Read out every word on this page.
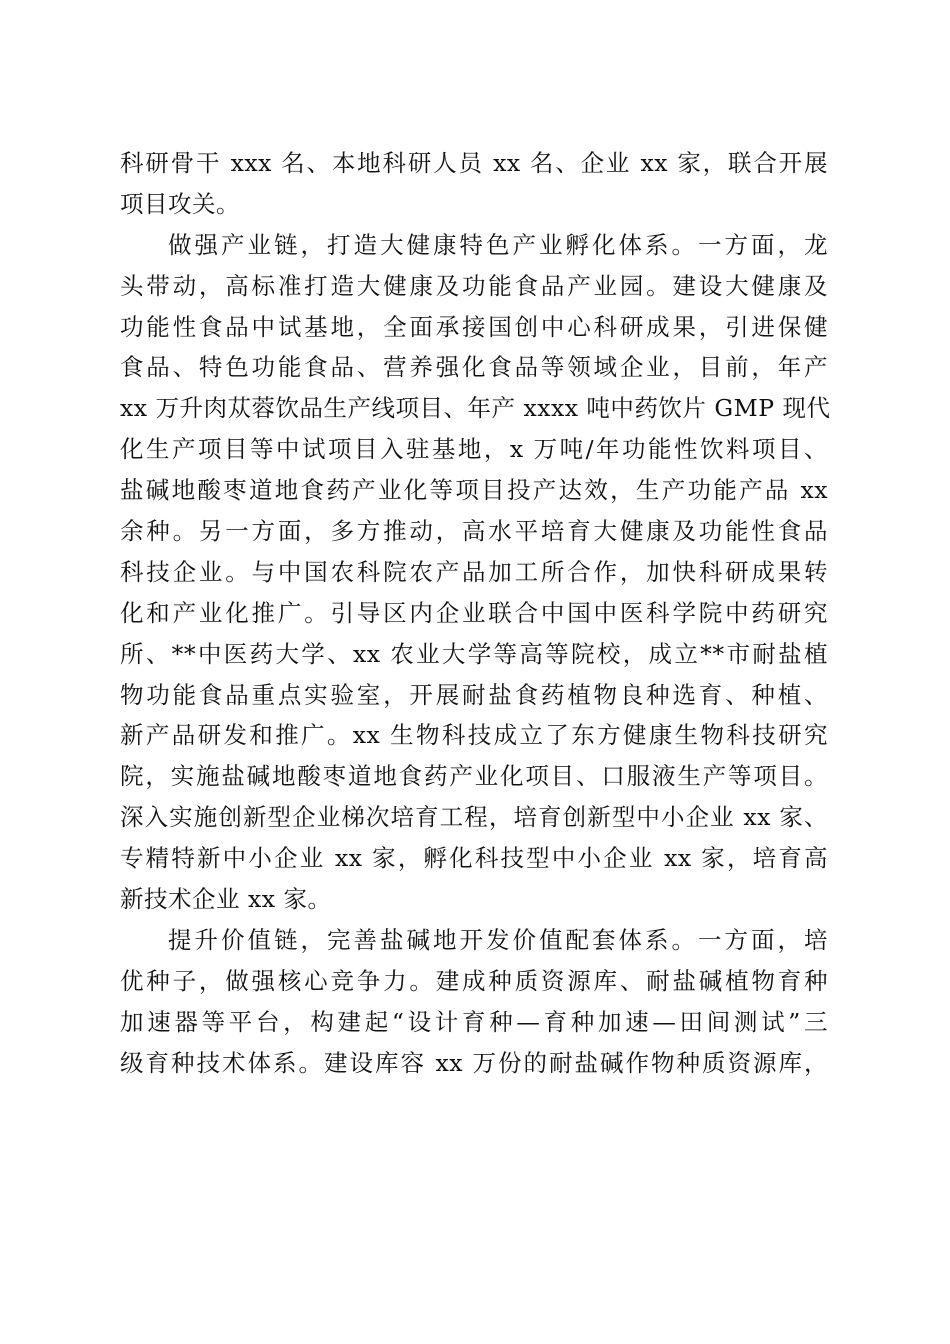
科研骨干 xxx 名、本地科研人员 xx 名、企业 xx 家，联合开展
项目攻关。
做强产业链，打造大健康特色产业孵化体系。一方面，龙
头带动，高标准打造大健康及功能食品产业园。建设大健康及
功能性食品中试基地，全面承接国创中心科研成果，引进保健
食品、特色功能食品、营养强化食品等领域企业，目前，年产
xx 万升肉苁蓉饮品生产线项目、年产 xxxx 吨中药饮片 GMP 现代
化生产项目等中试项目入驻基地，x 万吨/年功能性饮料项目、
盐碱地酸枣道地食药产业化等项目投产达效，生产功能产品 xx
余种。另一方面，多方推动，高水平培育大健康及功能性食品
科技企业。与中国农科院农产品加工所合作，加快科研成果转
化和产业化推广。引导区内企业联合中国中医科学院中药研究
所、**中医药大学、xx 农业大学等高等院校，成立**市耐盐植
物功能食品重点实验室，开展耐盐食药植物良种选育、种植、
新产品研发和推广。xx 生物科技成立了东方健康生物科技研究
院，实施盐碱地酸枣道地食药产业化项目、口服液生产等项目。
深入实施创新型企业梯次培育工程，培育创新型中小企业 xx 家、
专精特新中小企业 xx 家，孵化科技型中小企业 xx 家，培育高
新技术企业 xx 家。
提升价值链，完善盐碱地开发价值配套体系。一方面，培
优种子，做强核心竞争力。建成种质资源库、耐盐碱植物育种
加速器等平台，构建起“设计育种—育种加速—田间测试”三
级育种技术体系。建设库容 xx 万份的耐盐碱作物种质资源库，
